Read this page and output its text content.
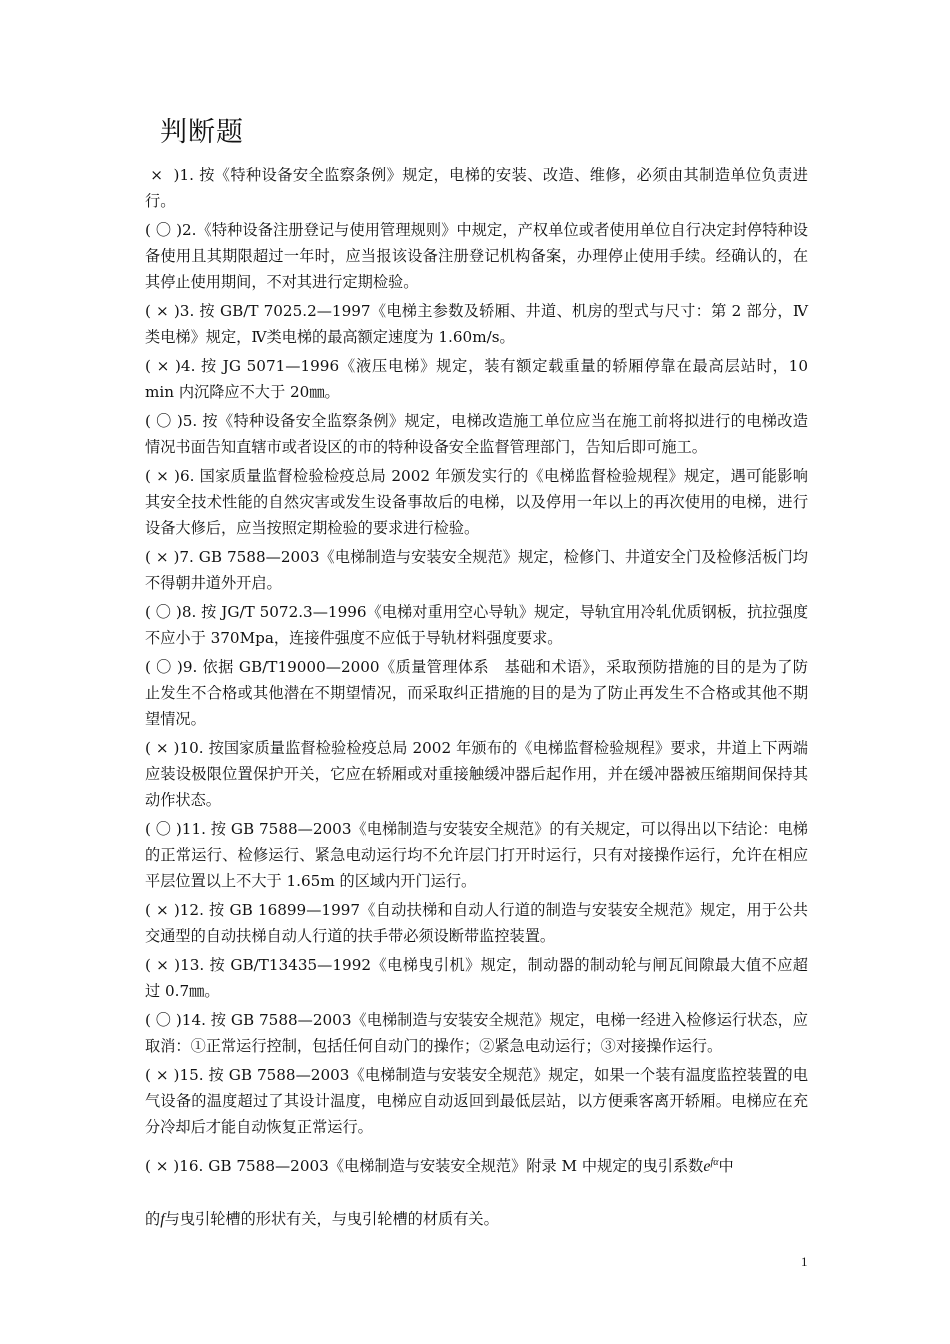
判断题

×  )1. 按《特种设备安全监察条例》规定，电梯的安装、改造、维修，必须由其制造单位负责进行。

( 〇 )2.《特种设备注册登记与使用管理规则》中规定，产权单位或者使用单位自行决定封停特种设备使用且其期限超过一年时，应当报该设备注册登记机构备案，办理停止使用手续。经确认的，在其停止使用期间，不对其进行定期检验。

( × )3. 按 GB/T 7025.2—1997《电梯主参数及轿厢、井道、机房的型式与尺寸：第 2 部分，Ⅳ类电梯》规定，Ⅳ类电梯的最高额定速度为 1.60m/s。

( × )4. 按 JG 5071—1996《液压电梯》规定，装有额定载重量的轿厢停靠在最高层站时，10 min 内沉降应不大于 20㎜。

( 〇 )5. 按《特种设备安全监察条例》规定，电梯改造施工单位应当在施工前将拟进行的电梯改造情况书面告知直辖市或者设区的市的特种设备安全监督管理部门，告知后即可施工。

( × )6. 国家质量监督检验检疫总局 2002 年颁发实行的《电梯监督检验规程》规定，遇可能影响其安全技术性能的自然灾害或发生设备事故后的电梯，以及停用一年以上的再次使用的电梯，进行设备大修后，应当按照定期检验的要求进行检验。

( × )7. GB 7588—2003《电梯制造与安装安全规范》规定，检修门、井道安全门及检修活板门均不得朝井道外开启。

( 〇 )8. 按 JG/T 5072.3—1996《电梯对重用空心导轨》规定，导轨宜用冷轧优质钢板，抗拉强度不应小于 370Mpa，连接件强度不应低于导轨材料强度要求。

( 〇 )9. 依据 GB/T19000—2000《质量管理体系　基础和术语》，采取预防措施的目的是为了防止发生不合格或其他潜在不期望情况，而采取纠正措施的目的是为了防止再发生不合格或其他不期望情况。

( × )10. 按国家质量监督检验检疫总局 2002 年颁布的《电梯监督检验规程》要求，井道上下两端应装设极限位置保护开关，它应在轿厢或对重接触缓冲器后起作用，并在缓冲器被压缩期间保持其动作状态。

( 〇 )11. 按 GB 7588—2003《电梯制造与安装安全规范》的有关规定，可以得出以下结论：电梯的正常运行、检修运行、紧急电动运行均不允许层门打开时运行，只有对接操作运行，允许在相应平层位置以上不大于 1.65m 的区域内开门运行。

( × )12. 按 GB 16899—1997《自动扶梯和自动人行道的制造与安装安全规范》规定，用于公共交通型的自动扶梯自动人行道的扶手带必须设断带监控装置。

( × )13. 按 GB/T13435—1992《电梯曳引机》规定，制动器的制动轮与闸瓦间隙最大值不应超过 0.7㎜。

( 〇 )14. 按 GB 7588—2003《电梯制造与安装安全规范》规定，电梯一经进入检修运行状态，应取消：①正常运行控制，包括任何自动门的操作；②紧急电动运行；③对接操作运行。

( × )15. 按 GB 7588—2003《电梯制造与安装安全规范》规定，如果一个装有温度监控装置的电气设备的温度超过了其设计温度，电梯应自动返回到最低层站，以方便乘客离开轿厢。电梯应在充分冷却后才能自动恢复正常运行。

( × )16. GB 7588—2003《电梯制造与安装安全规范》附录 M 中规定的曳引系数$e^{f\alpha}$中

的f与曳引轮槽的形状有关，与曳引轮槽的材质有关。

1
